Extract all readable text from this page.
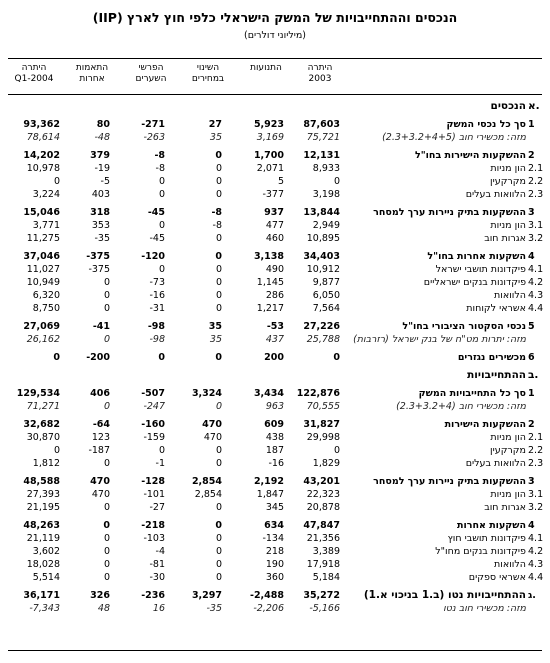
הנכסים וההתחייבויות של המשק הישראלי כלפי חוץ לארץ (IIP)
(מיליוני דולרים)
היתרה
2004-Q1
התאמות
אחרות
הפרשי
השערים
השינוי
במחירים
התנועות	היתרה
2003
א.
הנכסים
1
סך כל נכסי המשק
93,362	80	-271	27	5,923	87,603
מזה: מכשירי חוב (2.3+3.2+4+5)
78,614	-48	-263	35	3,169	75,721
2
ההשקעות הישירות בחו"ל
14,202	379	-8	0	1,700	12,131
2.1
הון מניות
10,978	-19	-8	0	2,071	8,933
2.2
מקרקעין
0	-5	0	0	5	0
2.3
הלוואות בעלים
3,224	403	0	0	-377	3,198
3
ההשקעות בתיק ניירות ערך למסחר
15,046	318	-45	-8	937	13,844
3.1
הון מניות
3,771	353	0	-8	477	2,949
3.2
אגרות חוב
11,275	-35	-45	0	460	10,895
4
השקעות אחרות בחו"ל
37,046	-375	-120	0	3,138	34,403
4.1
פיקדונות תושבי ישראל
11,027	-375	0	0	490	10,912
4.2
פיקדונות בנקים ישראליים
10,949	0	-73	0	1,145	9,877
4.3
הלוואות
6,320	0	-16	0	286	6,050
4.4
אשראי לקוחות
8,750	0	-31	0	1,217	7,564
5
נכסי הסקטור הציבורי בחו"ל
27,069	-41	-98	35	-53	27,226
מזה: יתרות מט"ח של בנק ישראל (רזרבות)
26,162	0	-98	35	437	25,788
6
מכשירים נגזרים
0	-200	0	0	200	0
ב.
ההתחייבויות
1
סך כל התחייבויות המשק
129,534	406	-507	3,324	3,434	122,876
מזה: מכשירי חוב (2.3+3.2+4)
71,271	0	-247	0	963	70,555
2
ההשקעות הישירות
32,682	-64	-160	470	609	31,827
2.1
הון מניות
30,870	123	-159	470	438	29,998
2.2
מקרקעין
0	-187	0	0	187	0
2.3
הלוואות בעלים
1,812	0	-1	0	-16	1,829
3
ההשקעות בתיק ניירות ערך למסחר
48,588	470	-128	2,854	2,192	43,201
3.1
הון מניות
27,393	470	-101	2,854	1,847	22,323
3.2
אגרות חוב
21,195	0	-27	0	345	20,878
4
השקעות אחרות
48,263	0	-218	0	634	47,847
4.1
פיקדונות תושבי חוץ
21,119	0	-103	0	-134	21,356
4.2
פיקדונות בנקים מחו"ל
3,602	0	-4	0	218	3,389
4.3
הלוואות
18,028	0	-81	0	190	17,918
4.4
אשראי ספקים
5,514	0	-30	0	360	5,184
ג.
ההתחייבויות נטו (ב.1 בניכוי א.1)
36,171	326	-236	3,297	-2,488	35,272
מזה: מכשירי חוב נטו
-7,343	48	16	-35	-2,206	-5,166
